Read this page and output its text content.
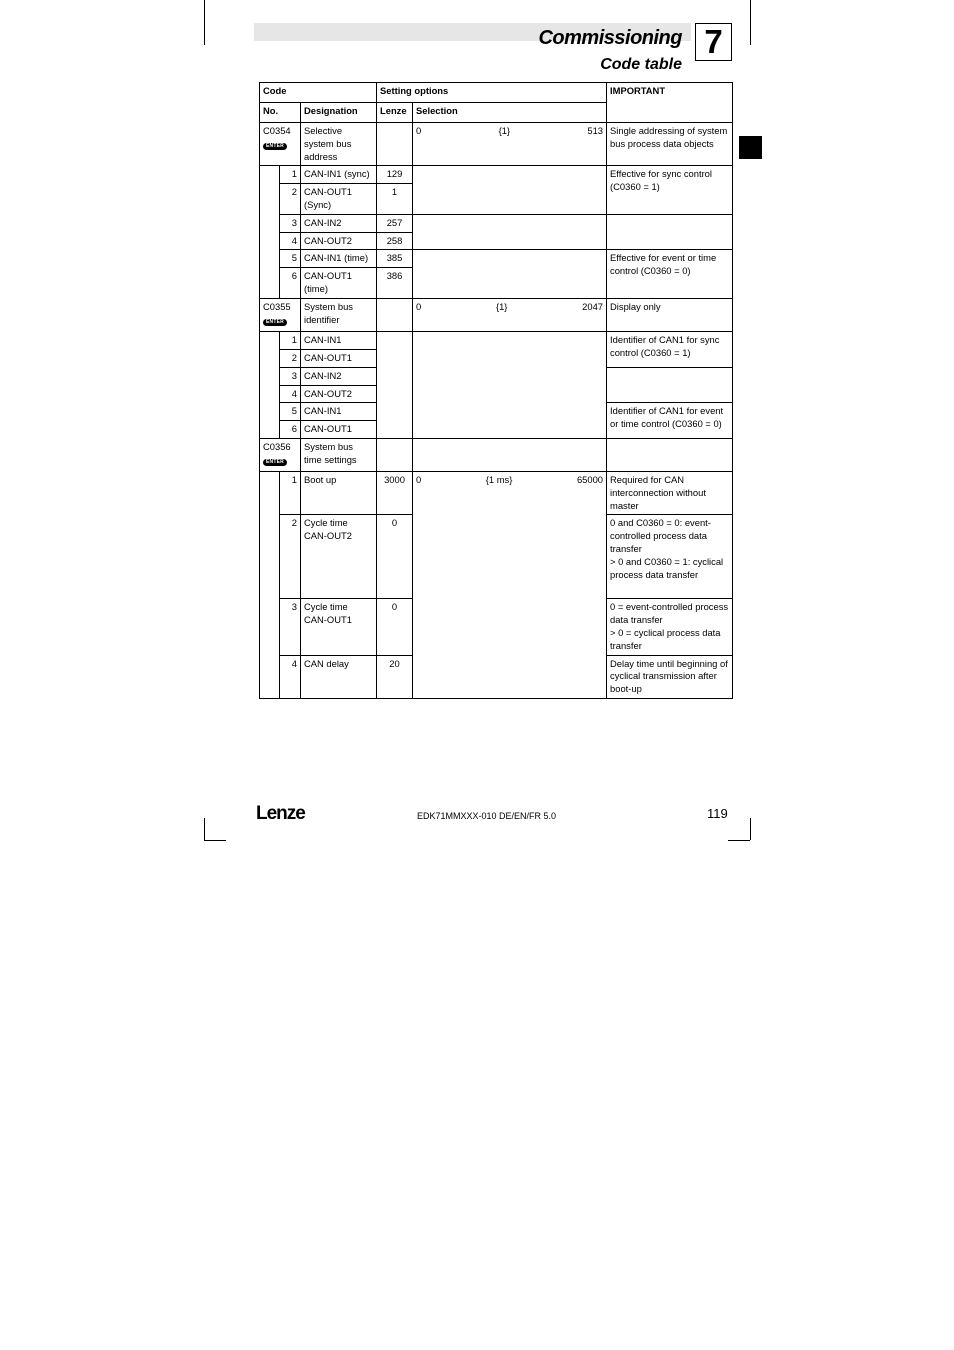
Commissioning
Code table
7
Code			Setting options		IMPORTANT
No.		Designation	Lenze	Selection	

C0354
ENTER		Selective system bus address		0 {1} 513	Single addressing of system bus process data objects
	1	CAN-IN1 (sync)	129		Effective for sync control (C0360 = 1)
	2	CAN-OUT1 (Sync)	1		
	3	CAN-IN2	257		
	4	CAN-OUT2	258		
	5	CAN-IN1 (time)	385		Effective for event or time control (C0360 = 0)
	6	CAN-OUT1 (time)	386		

C0355
ENTER		System bus identifier		0 {1} 2047	Display only
	1	CAN-IN1			Identifier of CAN1 for sync control (C0360 = 1)
	2	CAN-OUT1			
	3	CAN-IN2			
	4	CAN-OUT2			
	5	CAN-IN1			Identifier of CAN1 for event or time control (C0360 = 0)
	6	CAN-OUT1			

C0356
ENTER		System bus time settings			
	1	Boot up	3000	0 {1 ms} 65000	Required for CAN interconnection without master
	2	Cycle time CAN-OUT2	0		0 and C0360 = 0: event-controlled process data transfer
> 0 and C0360 = 1: cyclical process data transfer

	3	Cycle time CAN-OUT1	0		0 = event-controlled process data transfer
> 0 = cyclical process data transfer

	4	CAN delay	20		Delay time until beginning of cyclical transmission after boot-up
Lenze	EDK71MMXXX-010 DE/EN/FR 5.0	119
